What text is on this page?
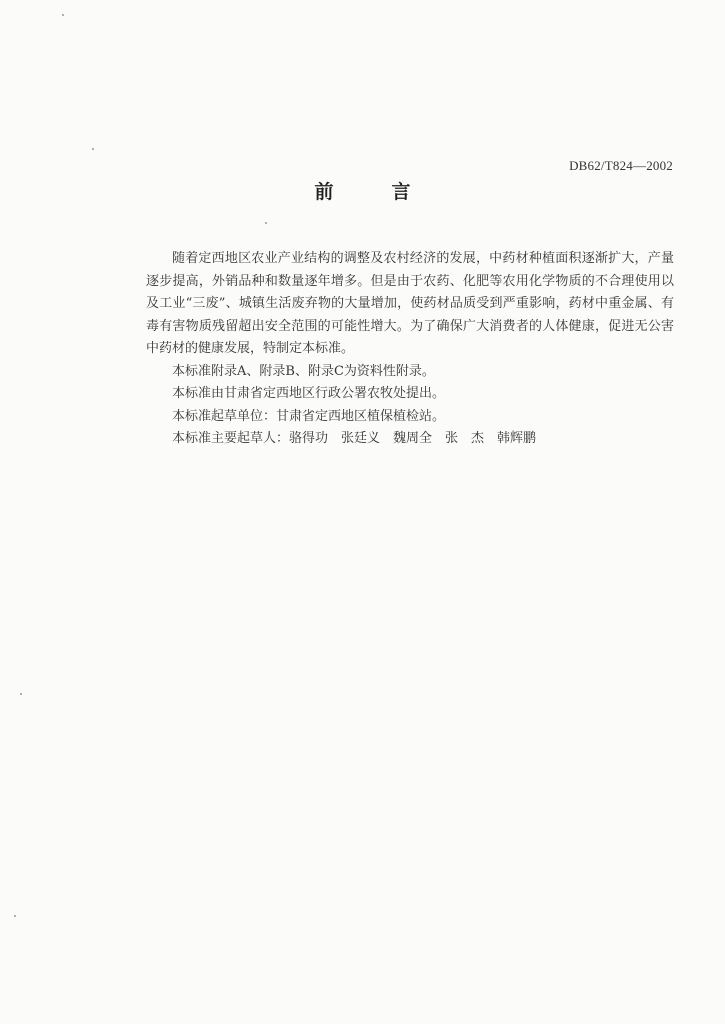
DB62/T824—2002
前言

随着定西地区农业产业结构的调整及农村经济的发展，中药材种植面积逐渐扩大，产量逐步提高，外销品种和数量逐年增多。但是由于农药、化肥等农用化学物质的不合理使用以及工业“三废”、城镇生活废弃物的大量增加，使药材品质受到严重影响，药材中重金属、有毒有害物质残留超出安全范围的可能性增大。为了确保广大消费者的人体健康，促进无公害中药材的健康发展，特制定本标准。

本标准附录A、附录B、附录C为资料性附录。

本标准由甘肃省定西地区行政公署农牧处提出。

本标准起草单位：甘肃省定西地区植保植检站。

本标准主要起草人：骆得功　张廷义　魏周全　张　杰　韩辉鹏
